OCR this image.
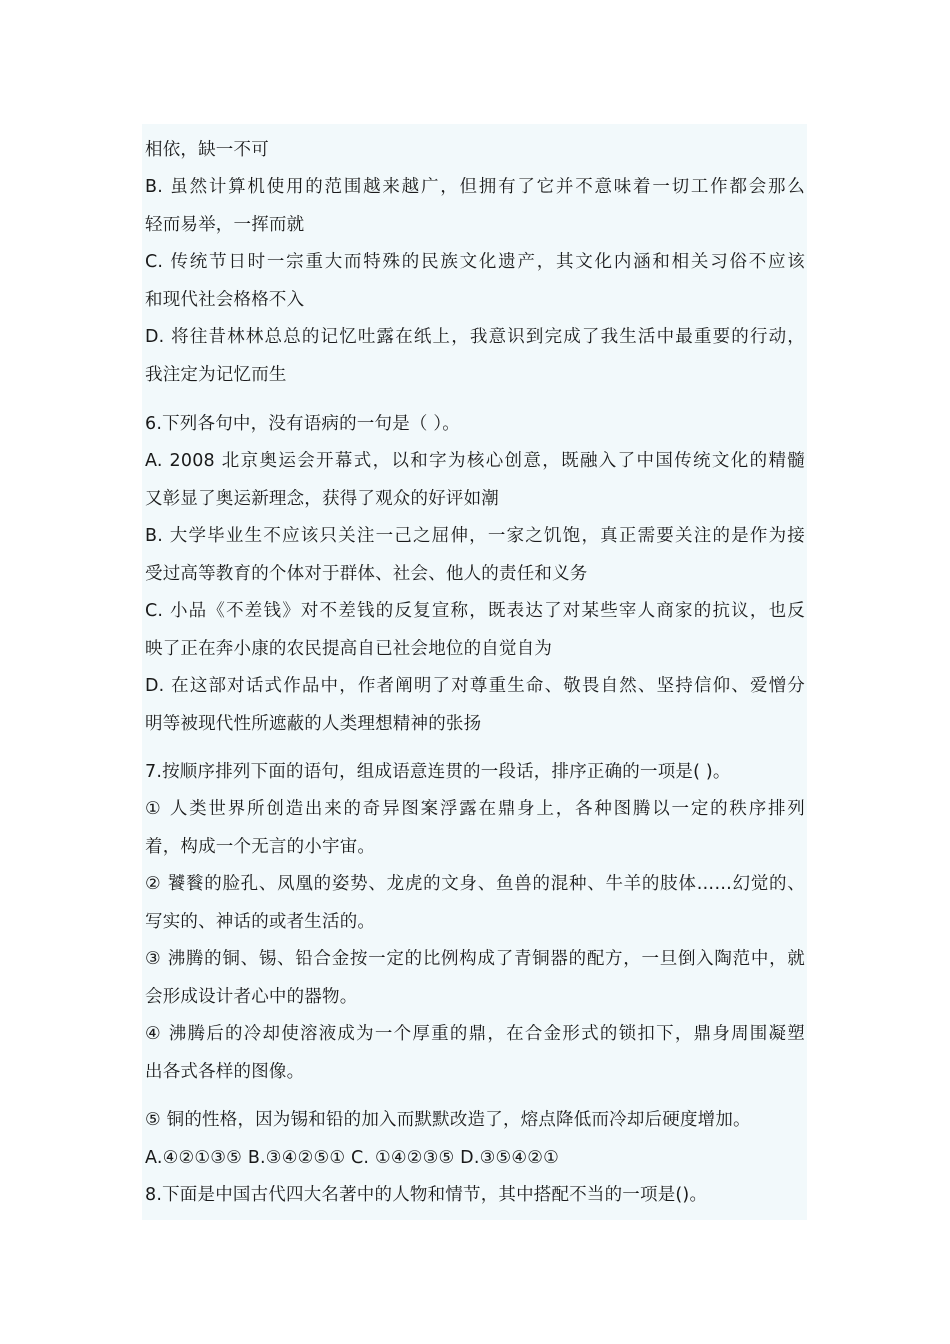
相依，缺一不可
B. 虽然计算机使用的范围越来越广，但拥有了它并不意味着一切工作都会那么
轻而易举，一挥而就
C. 传统节日时一宗重大而特殊的民族文化遗产，其文化内涵和相关习俗不应该
和现代社会格格不入
D. 将往昔林林总总的记忆吐露在纸上，我意识到完成了我生活中最重要的行动，
我注定为记忆而生
6.下列各句中，没有语病的一句是（ ）。
A. 2008 北京奥运会开幕式，以和字为核心创意，既融入了中国传统文化的精髓
又彰显了奥运新理念，获得了观众的好评如潮
B. 大学毕业生不应该只关注一己之屈伸，一家之饥饱，真正需要关注的是作为接
受过高等教育的个体对于群体、社会、他人的责任和义务
C. 小品《不差钱》对不差钱的反复宣称，既表达了对某些宰人商家的抗议，也反
映了正在奔小康的农民提高自已社会地位的自觉自为
D. 在这部对话式作品中，作者阐明了对尊重生命、敬畏自然、坚持信仰、爱憎分
明等被现代性所遮蔽的人类理想精神的张扬
7.按顺序排列下面的语句，组成语意连贯的一段话，排序正确的一项是( )。
① 人类世界所创造出来的奇异图案浮露在鼎身上，各种图腾以一定的秩序排列
着，构成一个无言的小宇宙。
② 饕餮的脸孔、凤凰的姿势、龙虎的文身、鱼兽的混种、牛羊的肢体……幻觉的、
写实的、神话的或者生活的。
③ 沸腾的铜、锡、铅合金按一定的比例构成了青铜器的配方，一旦倒入陶范中，就
会形成设计者心中的器物。
④ 沸腾后的冷却使溶液成为一个厚重的鼎，在合金形式的锁扣下，鼎身周围凝塑
出各式各样的图像。
⑤ 铜的性格，因为锡和铅的加入而默默改造了，熔点降低而冷却后硬度增加。
A.④②①③⑤ B.③④②⑤① C. ①④②③⑤ D.③⑤④②①
8.下面是中国古代四大名著中的人物和情节，其中搭配不当的一项是()。
